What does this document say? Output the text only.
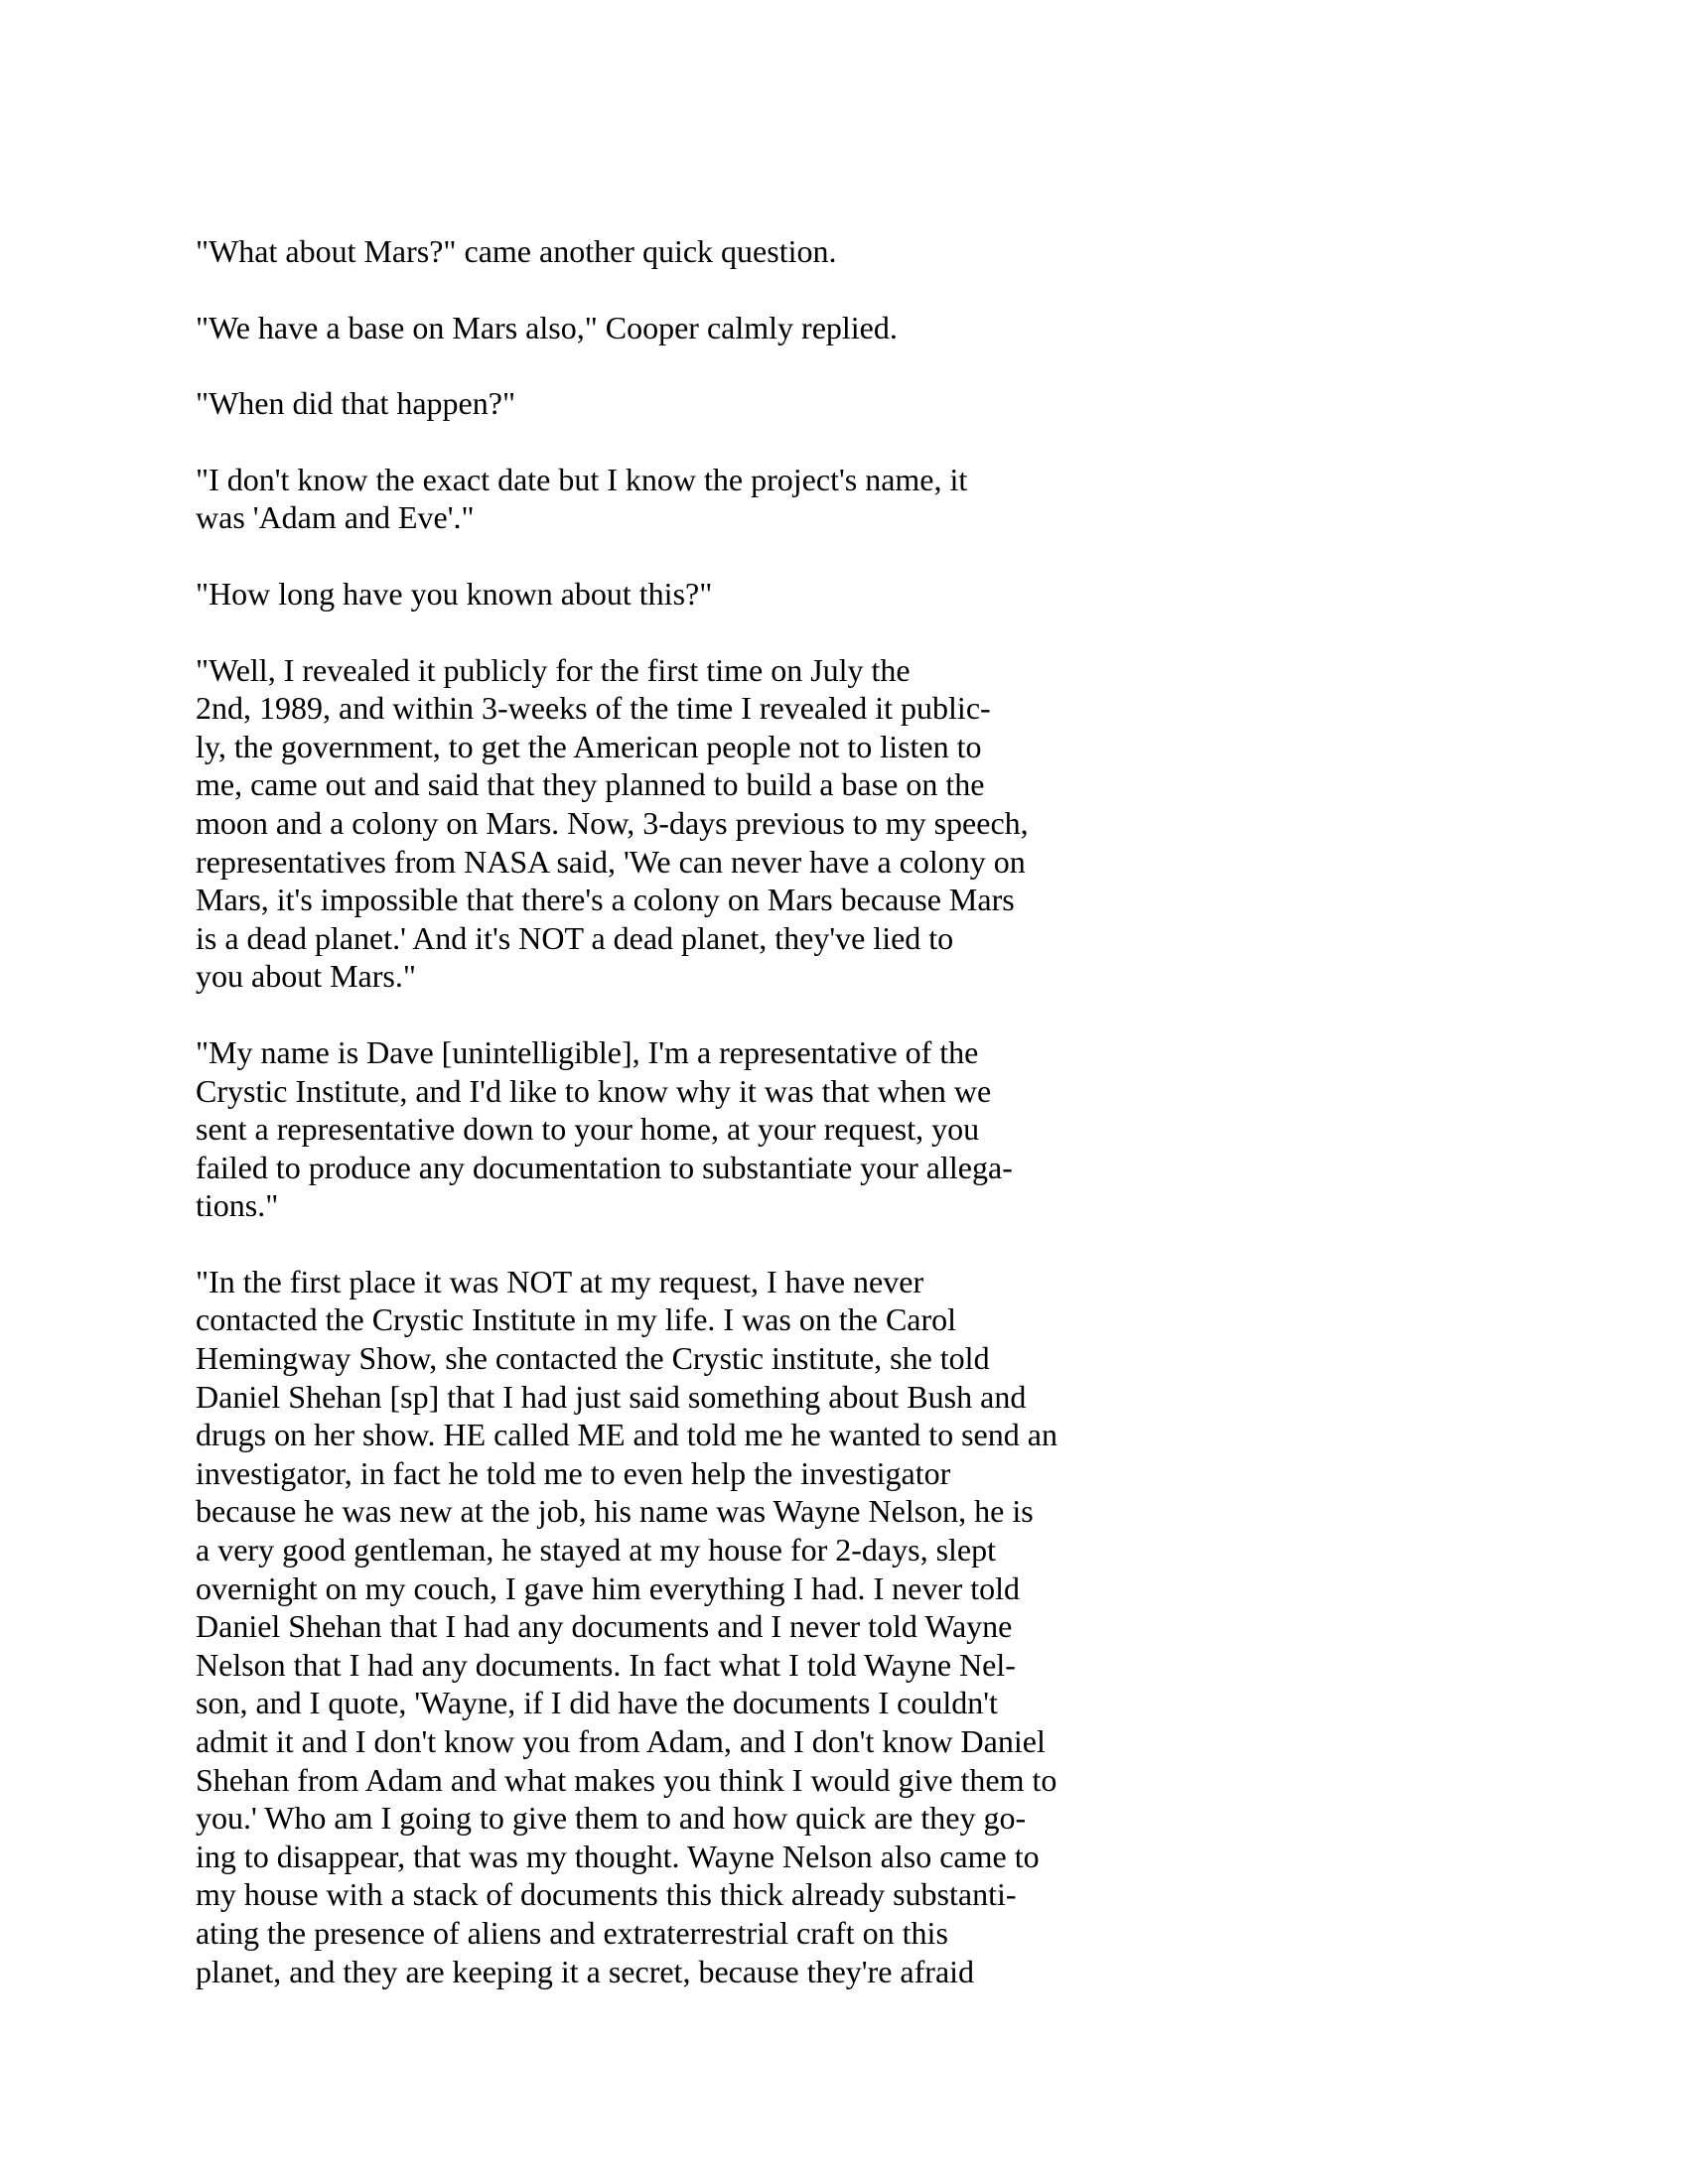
"What about Mars?" came another quick question.
"We have a base on Mars also," Cooper calmly replied.
"When did that happen?"
"I don't know the exact date but I know the project's name, it
was 'Adam and Eve'."
"How long have you known about this?"
"Well, I revealed it publicly for the first time on July the
2nd, 1989, and within 3-weeks of the time I revealed it public-
ly, the government, to get the American people not to listen to
me, came out and said that they planned to build a base on the
moon and a colony on Mars. Now, 3-days previous to my speech,
representatives from NASA said, 'We can never have a colony on
Mars, it's impossible that there's a colony on Mars because Mars
is a dead planet.' And it's NOT a dead planet, they've lied to
you about Mars."
"My name is Dave [unintelligible], I'm a representative of the
Crystic Institute, and I'd like to know why it was that when we
sent a representative down to your home, at your request, you
failed to produce any documentation to substantiate your allega-
tions."
"In the first place it was NOT at my request, I have never
contacted the Crystic Institute in my life. I was on the Carol
Hemingway Show, she contacted the Crystic institute, she told
Daniel Shehan [sp] that I had just said something about Bush and
drugs on her show. HE called ME and told me he wanted to send an
investigator, in fact he told me to even help the investigator
because he was new at the job, his name was Wayne Nelson, he is
a very good gentleman, he stayed at my house for 2-days, slept
overnight on my couch, I gave him everything I had. I never told
Daniel Shehan that I had any documents and I never told Wayne
Nelson that I had any documents. In fact what I told Wayne Nel-
son, and I quote, 'Wayne, if I did have the documents I couldn't
admit it and I don't know you from Adam, and I don't know Daniel
Shehan from Adam and what makes you think I would give them to
you.' Who am I going to give them to and how quick are they go-
ing to disappear, that was my thought. Wayne Nelson also came to
my house with a stack of documents this thick already substanti-
ating the presence of aliens and extraterrestrial craft on this
planet, and they are keeping it a secret, because they're afraid
